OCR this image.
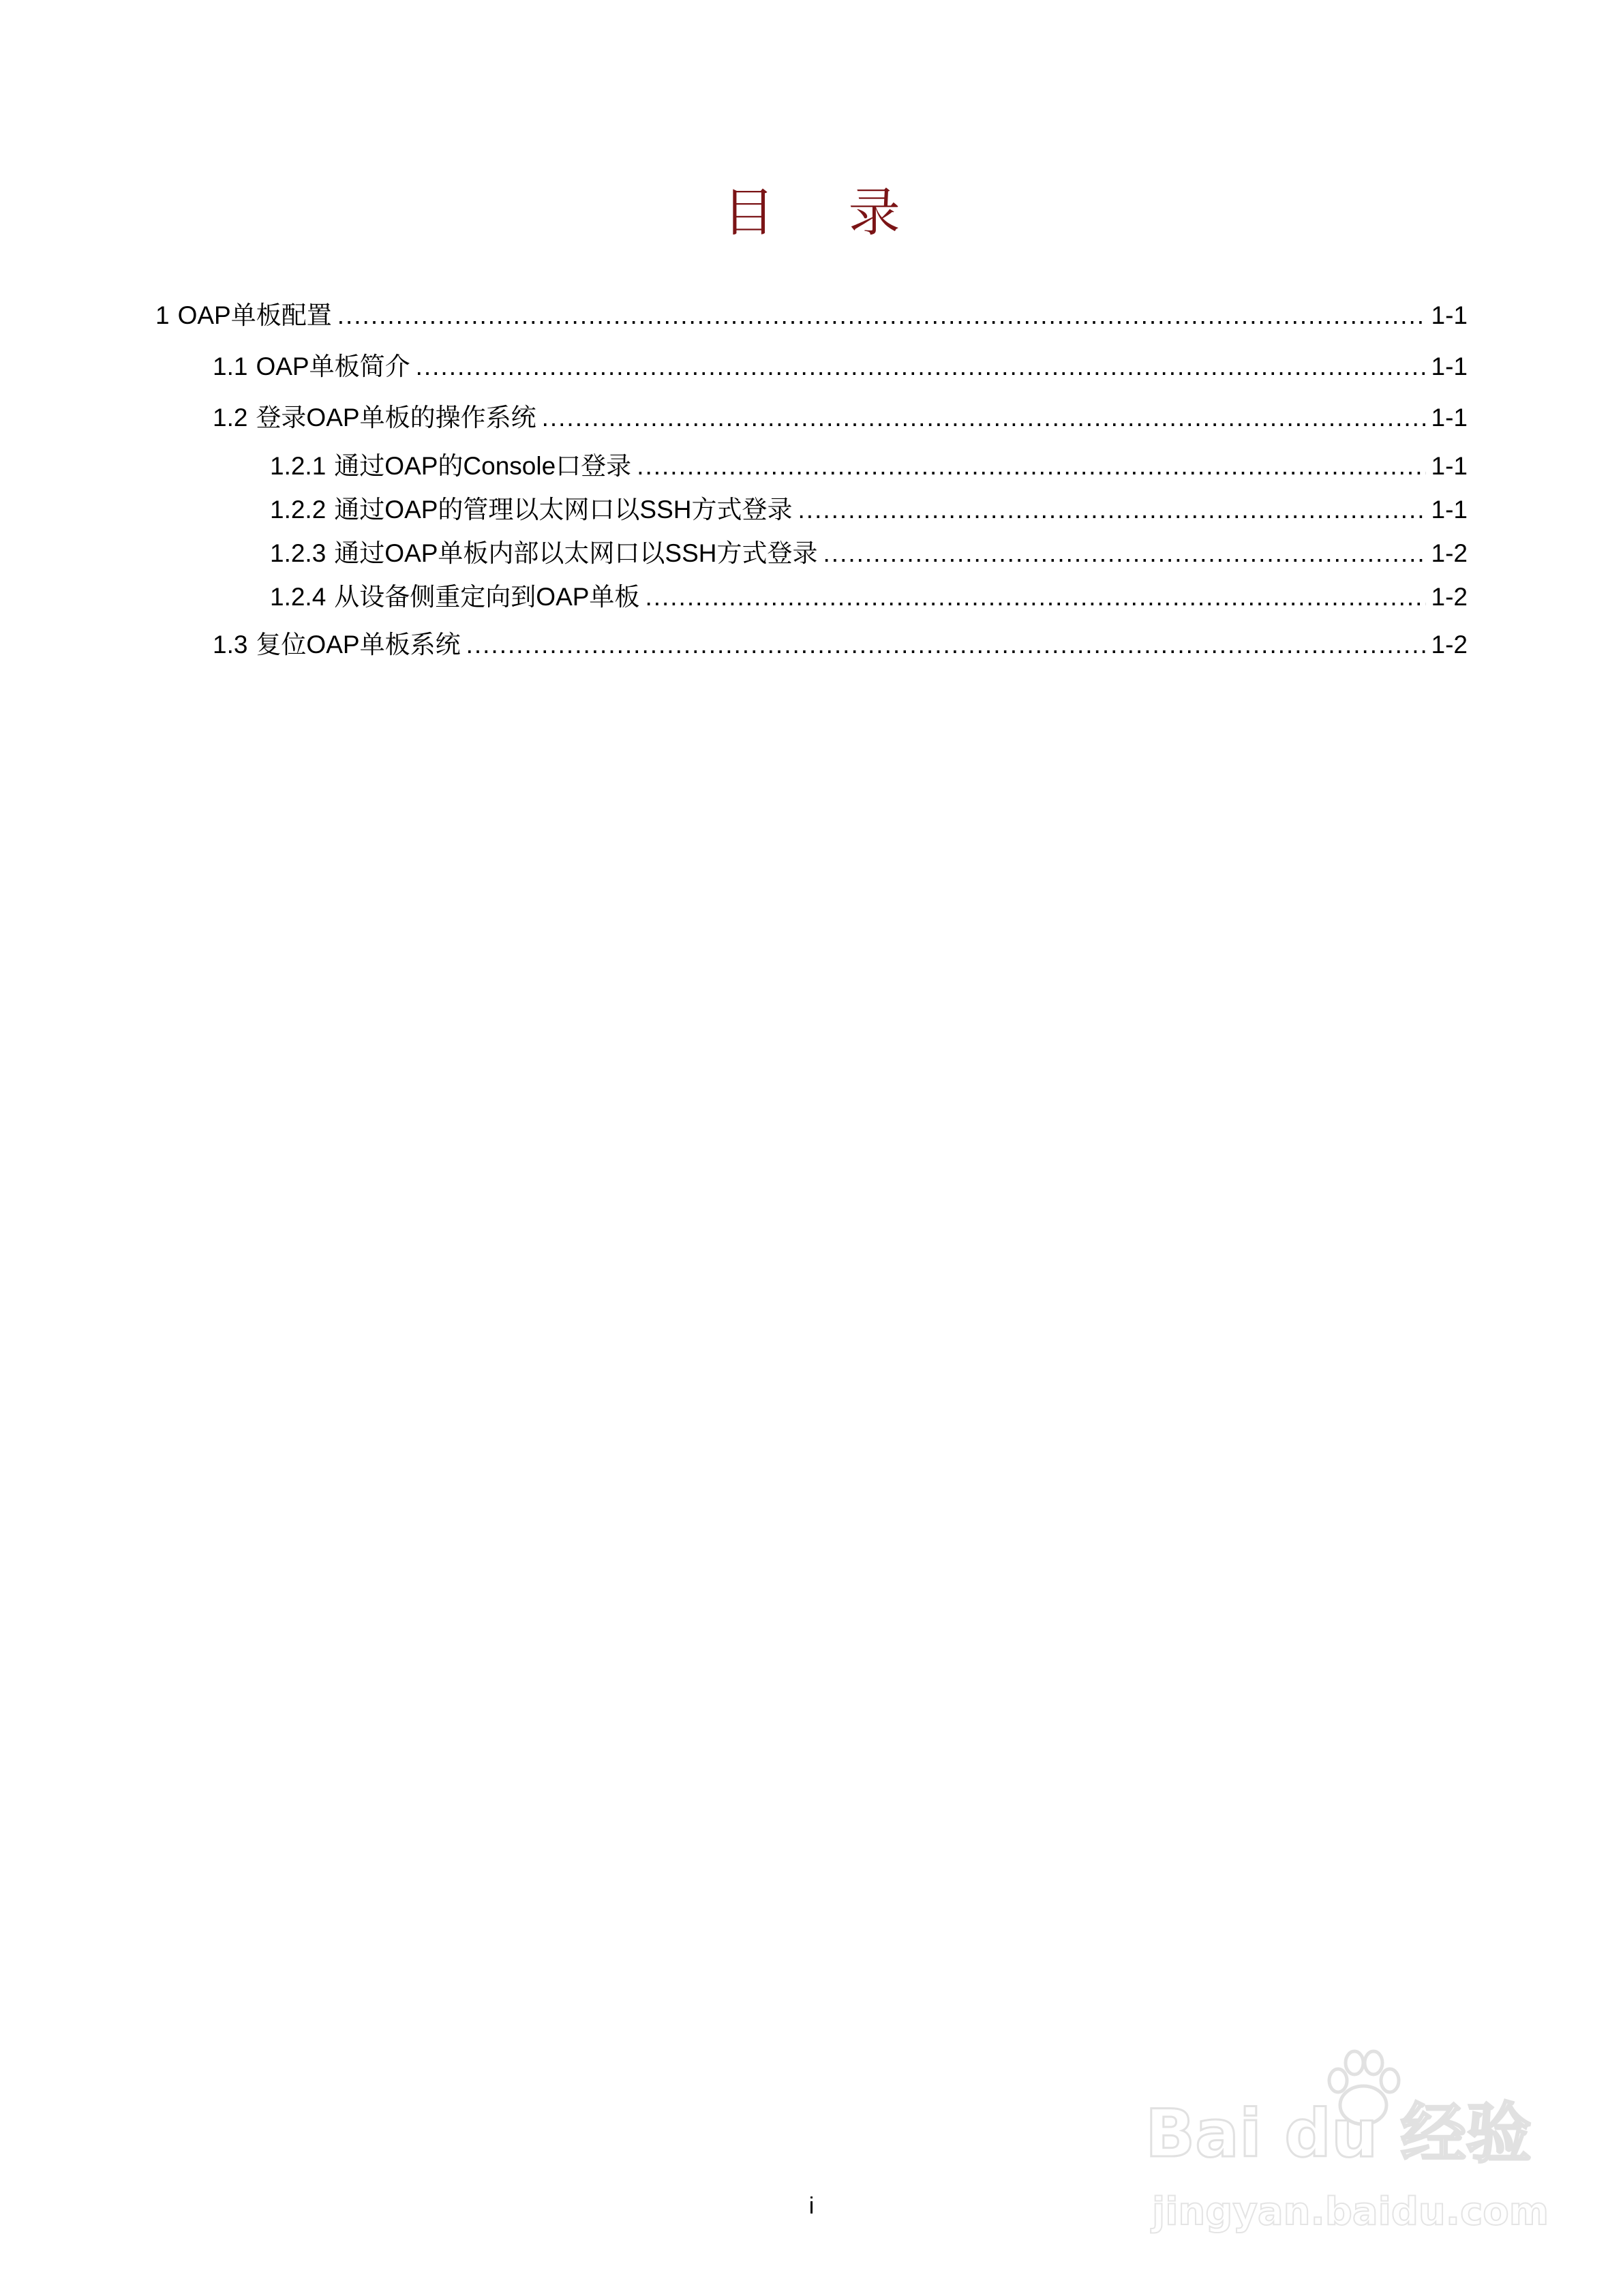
目 录
1 OAP单板配置 .....	1-1
1.1 OAP单板简介 .....	1-1
1.2 登录OAP单板的操作系统 .....	1-1
1.2.1 通过OAP的Console口登录 .....	1-1
1.2.2 通过OAP的管理以太网口以SSH方式登录 .....	1-1
1.2.3 通过OAP单板内部以太网口以SSH方式登录 .....	1-2
1.2.4 从设备侧重定向到OAP单板 .....	1-2
1.3 复位OAP单板系统 .....	1-2
i
Bai du 经验
jingyan.baidu.com
